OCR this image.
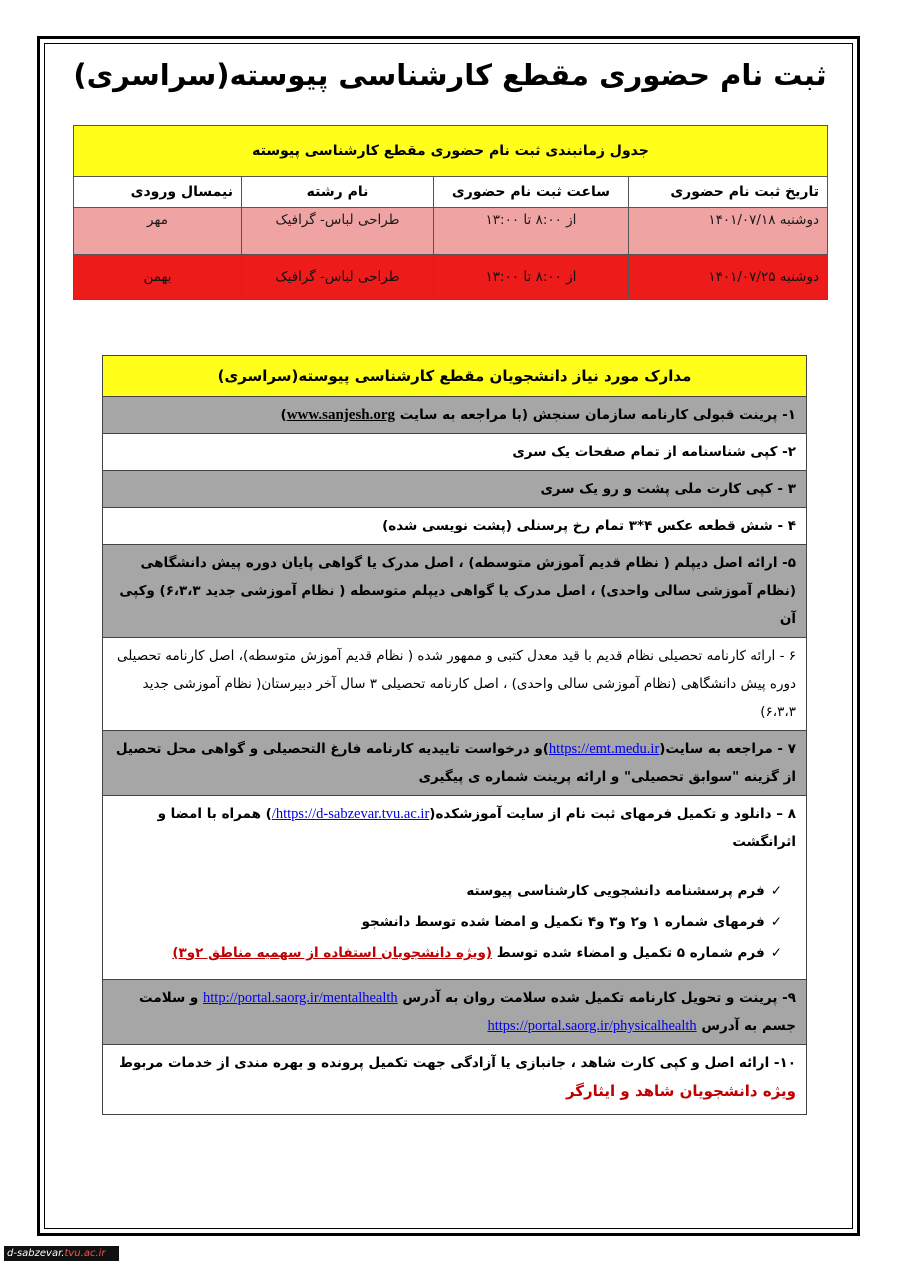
ثبت نام حضوری مقطع کارشناسی پیوسته(سراسری)
جدول زمانبندی ثبت نام حضوری مقطع کارشناسی پیوسته			
تاریخ ثبت نام حضوری	ساعت ثبت نام حضوری	نام رشته	نیمسال ورودی
دوشنبه ۱۴۰۱/۰۷/۱۸	از ۸:۰۰ تا ۱۳:۰۰	طراحی لباس- گرافیک	مهر
دوشنبه ۱۴۰۱/۰۷/۲۵	از ۸:۰۰ تا ۱۳:۰۰	طراحی لباس- گرافیک	بهمن
مدارک مورد نیاز دانشجویان مقطع کارشناسی پیوسته(سراسری)
۱- پرینت قبولی کارنامه سازمان سنجش (با مراجعه به سایت www.sanjesh.org)
۲- کپی شناسنامه از تمام صفحات یک سری
۳ - کپی کارت ملی پشت و رو یک سری
۴ - شش قطعه عکس ۴*۳ تمام رخ پرسنلی (پشت نویسی شده)
۵- ارائه اصل دیپلم ( نظام قدیم آموزش متوسطه) ، اصل مدرک یا گواهی پایان دوره پیش دانشگاهی (نظام آموزشی سالی واحدی) ، اصل مدرک یا گواهی دیپلم متوسطه ( نظام آموزشی جدید ۶،۳،۳) وکپی آن
۶ - ارائه کارنامه تحصیلی نظام قدیم با قید معدل کتبی و ممهور شده ( نظام قدیم آموزش متوسطه)، اصل کارنامه تحصیلی دوره پیش دانشگاهی (نظام آموزشی سالی واحدی) ، اصل کارنامه تحصیلی ۳ سال آخر دبیرستان( نظام آموزشی جدید ۶،۳،۳)
۷ - مراجعه به سایت(https://emt.medu.ir)و درخواست تاییدیه کارنامه فارغ التحصیلی و گواهی محل تحصیل از گزینه "سوابق تحصیلی" و ارائه پرینت شماره ی پیگیری
۸ – دانلود و تکمیل فرمهای ثبت نام از سایت آموزشکده(https://d-sabzevar.tvu.ac.ir/) همراه با امضا و اثرانگشت
✓فرم پرسشنامه دانشجویی کارشناسی پیوسته
✓فرمهای شماره ۱ و۲ و۳ و۴ تکمیل و امضا شده توسط دانشجو
✓فرم شماره ۵ تکمیل و امضاء شده توسط (ویژه دانشجویان استفاده از سهمیه مناطق ۲و۳)

۹- پرینت و تحویل کارنامه تکمیل شده سلامت روان به آدرس http://portal.saorg.ir/mentalhealth و سلامت جسم به آدرس https://portal.saorg.ir/physicalhealth
۱۰- ارائه اصل و کپی کارت شاهد ، جانبازی یا آزادگی جهت تکمیل پرونده و بهره مندی از خدمات مربوط ویژه دانشجویان شاهد و ایثارگر
d-sabzevar.tvu.ac.ir
